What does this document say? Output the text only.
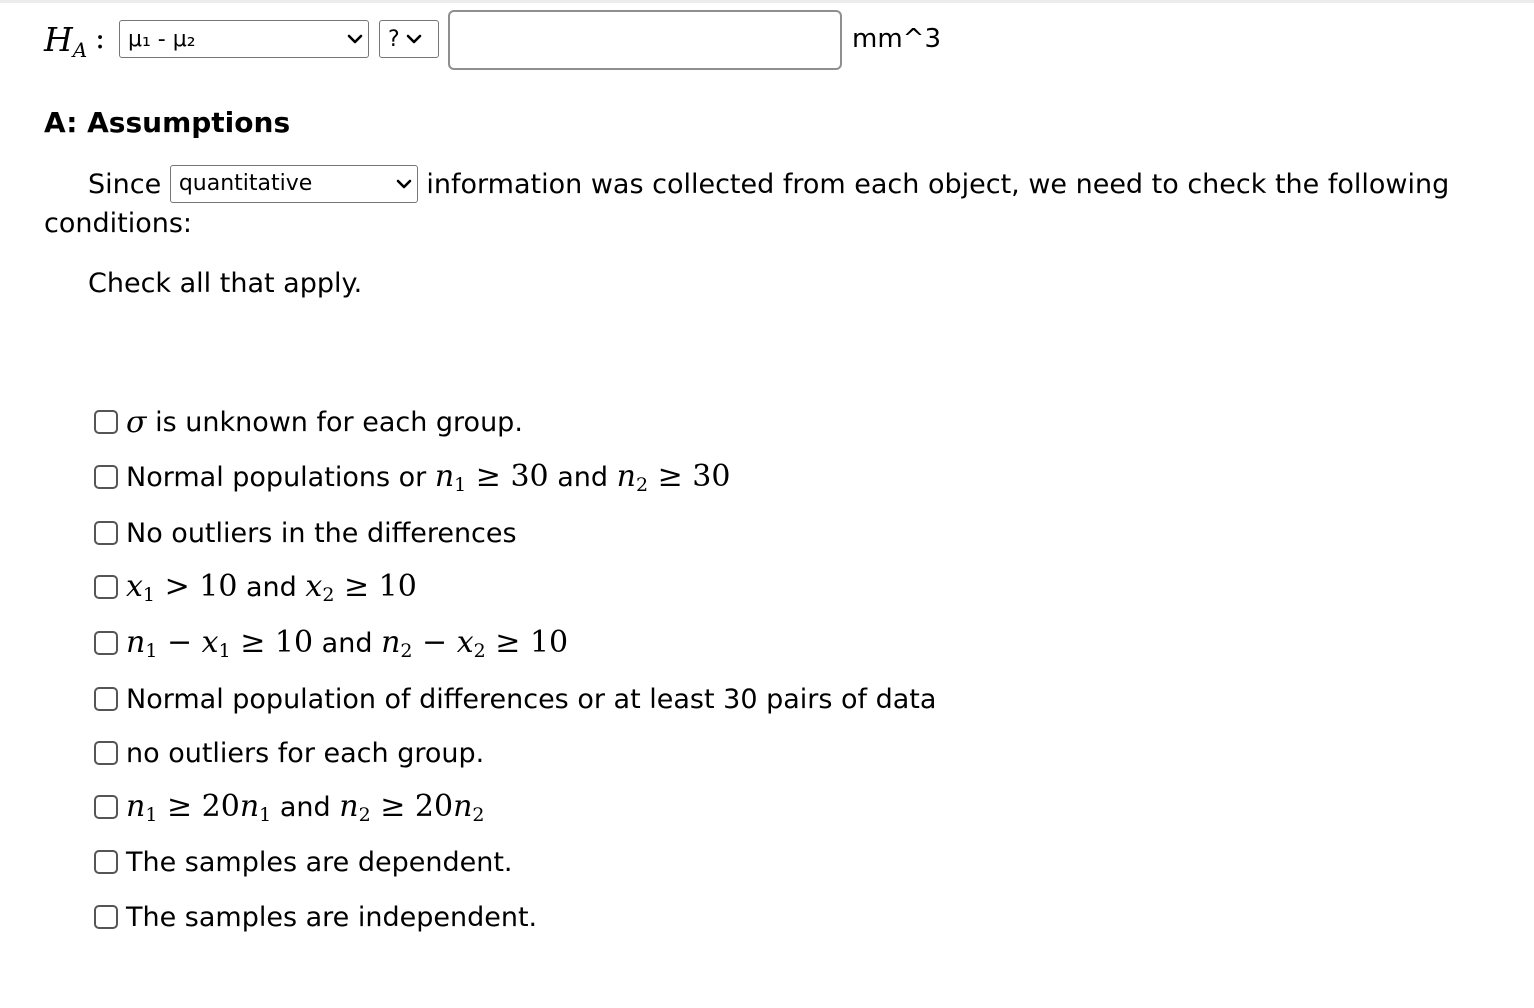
$H_A$ :	μ₁ - μ₂	?	mm^3
A: Assumptions
Since quantitative	information was collected from each object, we need to check the following conditions:
Check all that apply.
σ
is unknown for each group.
Normal populations or
$n_1 \ge 30$
and
$n_2 \ge 30$
No outliers in the differences
$x_1 > 10$
and
$x_2 \ge 10$
$n_1 - x_1 \ge 10$
and
$n_2 - x_2 \ge 10$
Normal population of differences or at least 30 pairs of data
no outliers for each group.
$n_1 \ge 20n_1$
and
$n_2 \ge 20n_2$
The samples are dependent.
The samples are independent.
